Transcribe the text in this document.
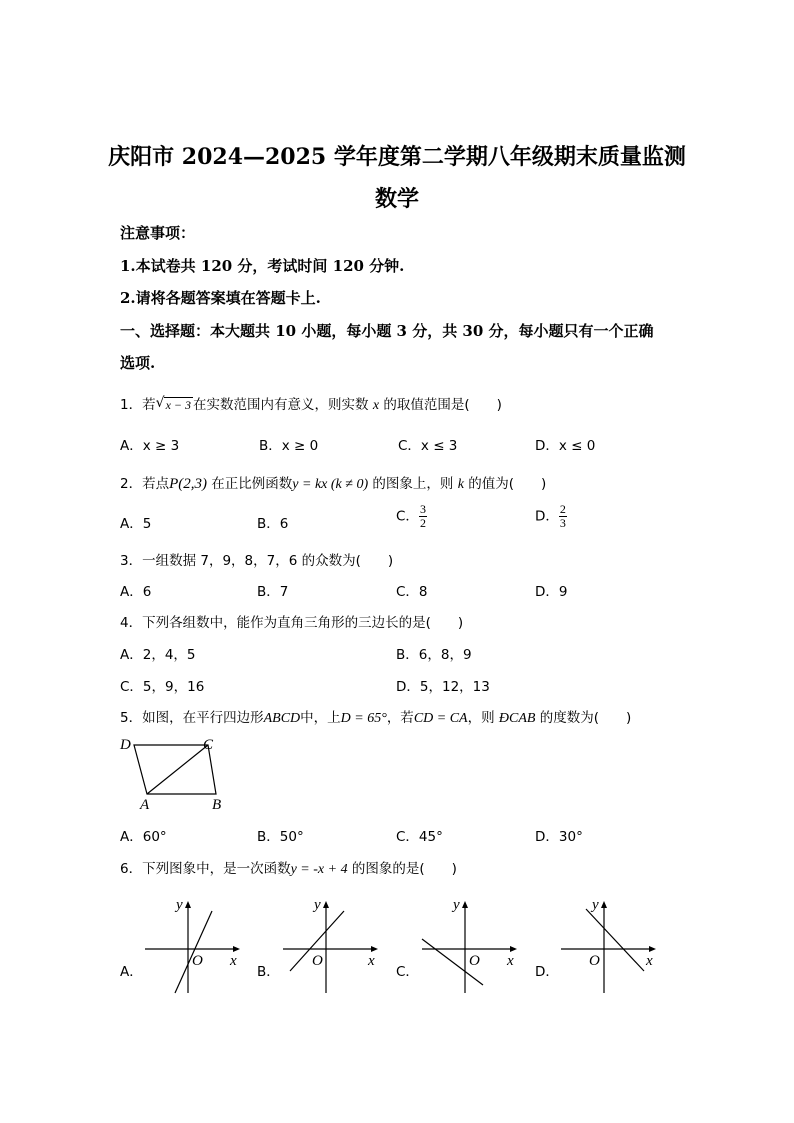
庆阳市 2024—2025 学年度第二学期八年级期末质量监测
数学
注意事项：
1.本试卷共 120 分，考试时间 120 分钟.
2.请将各题答案填在答题卡上.
一、选择题：本大题共 10 小题，每小题 3 分，共 30 分，每小题只有一个正确
选项.
1．若 √ x − 3 在实数范围内有意义，则实数 x 的取值范围是(　　)
A．x ≥ 3	B．x ≥ 0	C．x ≤ 3	D．x ≤ 0
2．若点P(2,3) 在正比例函数y = kx (k ≠ 0) 的图象上，则 k 的值为(　　)
A．5	B．6	C． $\frac{3}{2}$	D． $\frac{2}{3}$
3．一组数据 7，9，8，7，6 的众数为(　　)
A．6	B．7	C．8	D．9
4．下列各组数中，能作为直角三角形的三边长的是(　　)
A．2，4，5	B．6，8，9
C．5，9，16	D．5，12，13
5．如图，在平行四边形ABCD中，上D = 65°，若CD = CA，则 ÐCAB 的度数为(　　)
D	C
A	B
A．60°	B．50°	C．45°	D．30°
6．下列图象中，是一次函数y = -x + 4 的图象的是(　　)
A．	B．	C．	D．
y
x
O
y
x
O
y
x
O
y
x
O
